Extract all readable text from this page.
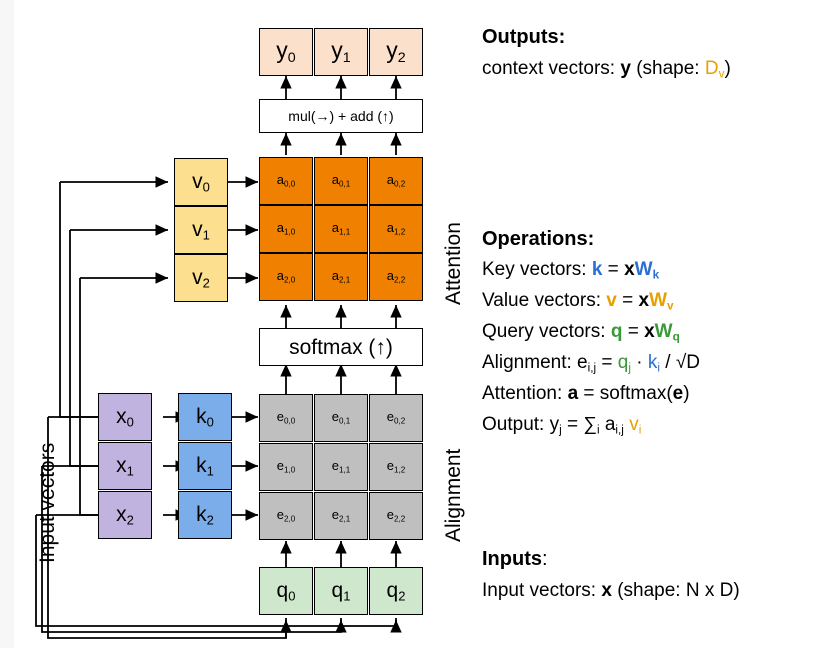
$y_0$ $y_1$ $y_2$
mul(→) + add (↑)
$v_0$
$v_1$
$v_2$
$a_{0,0}$	$a_{0,1}$	$a_{0,2}$
$a_{1,0}$	$a_{1,1}$	$a_{1,2}$
$a_{2,0}$	$a_{2,1}$	$a_{2,2}$
softmax (↑)
$x_0$
$x_1$
$x_2$
$k_0$
$k_1$
$k_2$
$e_{0,0}$	$e_{0,1}$	$e_{0,2}$
$e_{1,0}$	$e_{1,1}$	$e_{1,2}$
$e_{2,0}$	$e_{2,1}$	$e_{2,2}$
$q_0$ $q_1$ $q_2$
Input vectors
Attention
Alignment
Outputs:
context vectors: y (shape: $D_v$)
Operations:
Key vectors: $k = xW_k$
Value vectors: $v = xW_v$
Query vectors: $q = xW_q$
Alignment: $e_{i,j} = q_j \cdot k_i / √D$
Attention: a = softmax(e)
Output: $y_j = \sum_i$ $a_{i,j}$ $v_i$
Inputs:
Input vectors: x (shape: N x D)
